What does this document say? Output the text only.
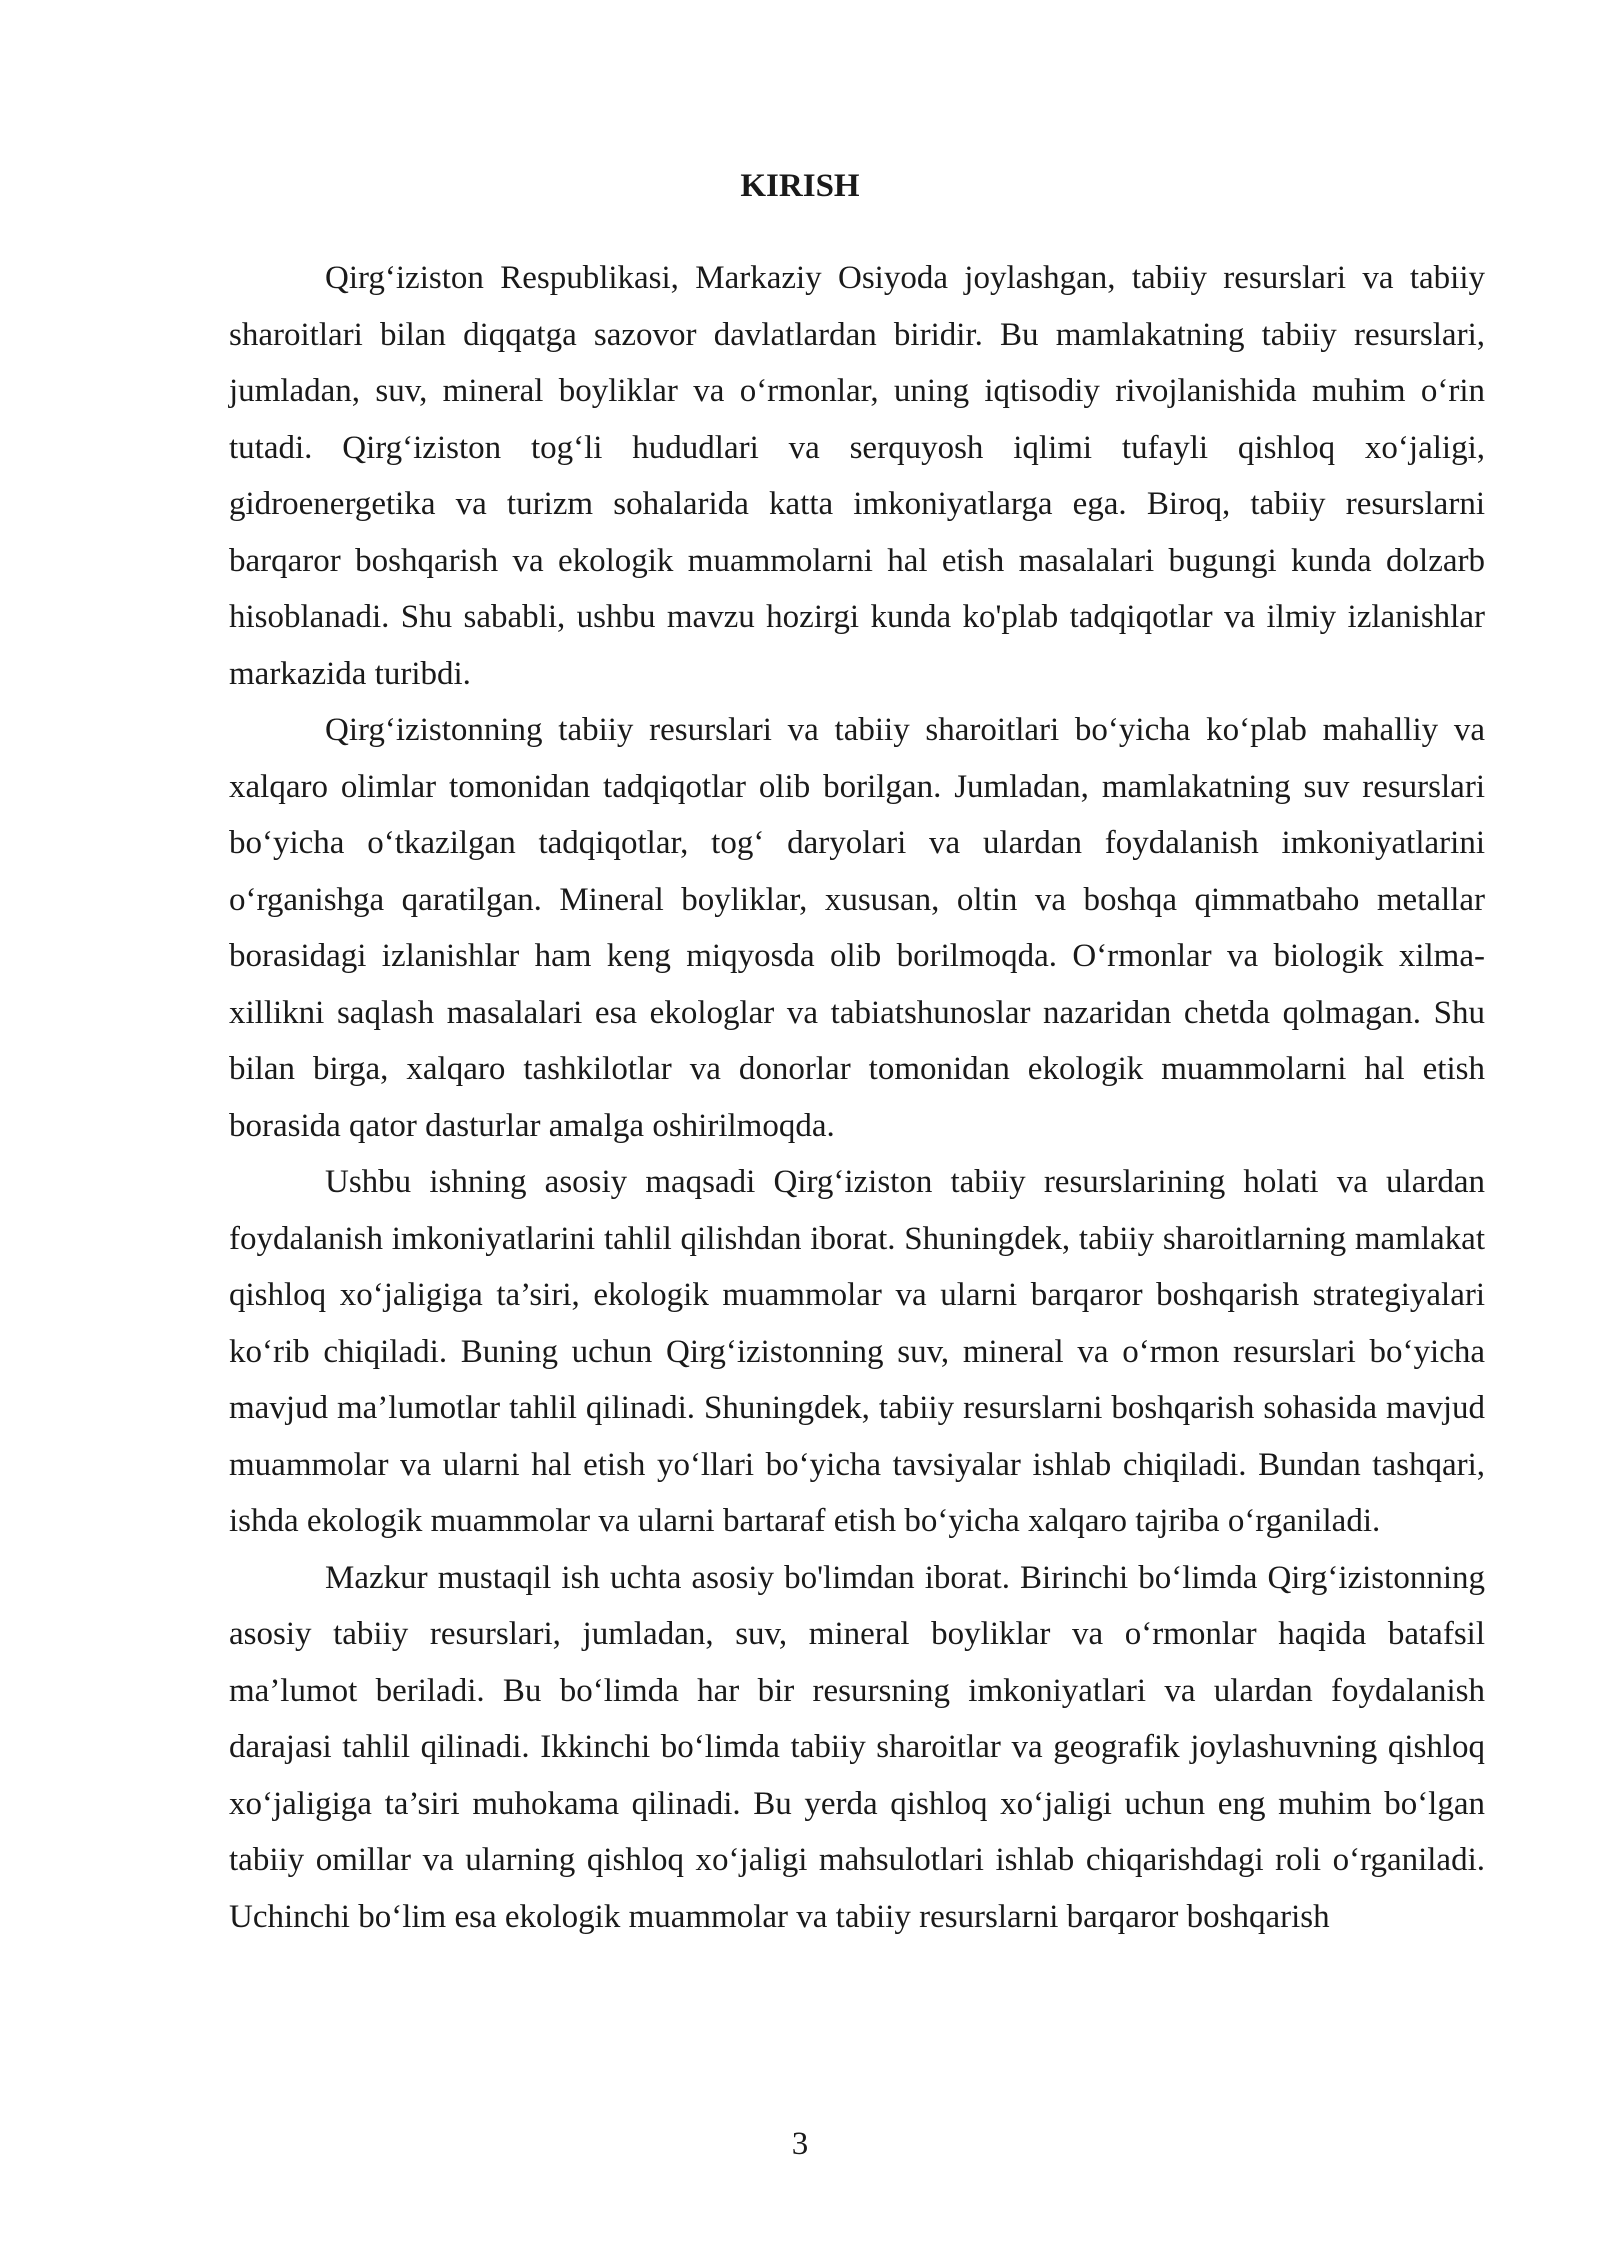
KIRISH

Qirg‘iziston Respublikasi, Markaziy Osiyoda joylashgan, tabiiy resurslari va tabiiy sharoitlari bilan diqqatga sazovor davlatlardan biridir. Bu mamlakatning tabiiy resurslari, jumladan, suv, mineral boyliklar va o‘rmonlar, uning iqtisodiy rivojlanishida muhim o‘rin tutadi. Qirg‘iziston tog‘li hududlari va serquyosh iqlimi tufayli qishloq xo‘jaligi, gidroenergetika va turizm sohalarida katta imkoniyatlarga ega. Biroq, tabiiy resurslarni barqaror boshqarish va ekologik muammolarni hal etish masalalari bugungi kunda dolzarb hisoblanadi. Shu sababli, ushbu mavzu hozirgi kunda ko'plab tadqiqotlar va ilmiy izlanishlar markazida turibdi.

Qirg‘izistonning tabiiy resurslari va tabiiy sharoitlari bo‘yicha ko‘plab mahalliy va xalqaro olimlar tomonidan tadqiqotlar olib borilgan. Jumladan, mamlakatning suv resurslari bo‘yicha o‘tkazilgan tadqiqotlar, tog‘ daryolari va ulardan foydalanish imkoniyatlarini o‘rganishga qaratilgan. Mineral boyliklar, xususan, oltin va boshqa qimmatbaho metallar borasidagi izlanishlar ham keng miqyosda olib borilmoqda. O‘rmonlar va biologik xilma-xillikni saqlash masalalari esa ekologlar va tabiatshunoslar nazaridan chetda qolmagan. Shu bilan birga, xalqaro tashkilotlar va donorlar tomonidan ekologik muammolarni hal etish borasida qator dasturlar amalga oshirilmoqda.

Ushbu ishning asosiy maqsadi Qirg‘iziston tabiiy resurslarining holati va ulardan foydalanish imkoniyatlarini tahlil qilishdan iborat. Shuningdek, tabiiy sharoitlarning mamlakat qishloq xo‘jaligiga ta’siri, ekologik muammolar va ularni barqaror boshqarish strategiyalari ko‘rib chiqiladi. Buning uchun Qirg‘izistonning suv, mineral va o‘rmon resurslari bo‘yicha mavjud ma’lumotlar tahlil qilinadi. Shuningdek, tabiiy resurslarni boshqarish sohasida mavjud muammolar va ularni hal etish yo‘llari bo‘yicha tavsiyalar ishlab chiqiladi. Bundan tashqari, ishda ekologik muammolar va ularni bartaraf etish bo‘yicha xalqaro tajriba o‘rganiladi.

Mazkur mustaqil ish uchta asosiy bo'limdan iborat. Birinchi bo‘limda Qirg‘izistonning asosiy tabiiy resurslari, jumladan, suv, mineral boyliklar va o‘rmonlar haqida batafsil ma’lumot beriladi. Bu bo‘limda har bir resursning imkoniyatlari va ulardan foydalanish darajasi tahlil qilinadi. Ikkinchi bo‘limda tabiiy sharoitlar va geografik joylashuvning qishloq xo‘jaligiga ta’siri muhokama qilinadi. Bu yerda qishloq xo‘jaligi uchun eng muhim bo‘lgan tabiiy omillar va ularning qishloq xo‘jaligi mahsulotlari ishlab chiqarishdagi roli o‘rganiladi. Uchinchi bo‘lim esa ekologik muammolar va tabiiy resurslarni barqaror boshqarish

3
